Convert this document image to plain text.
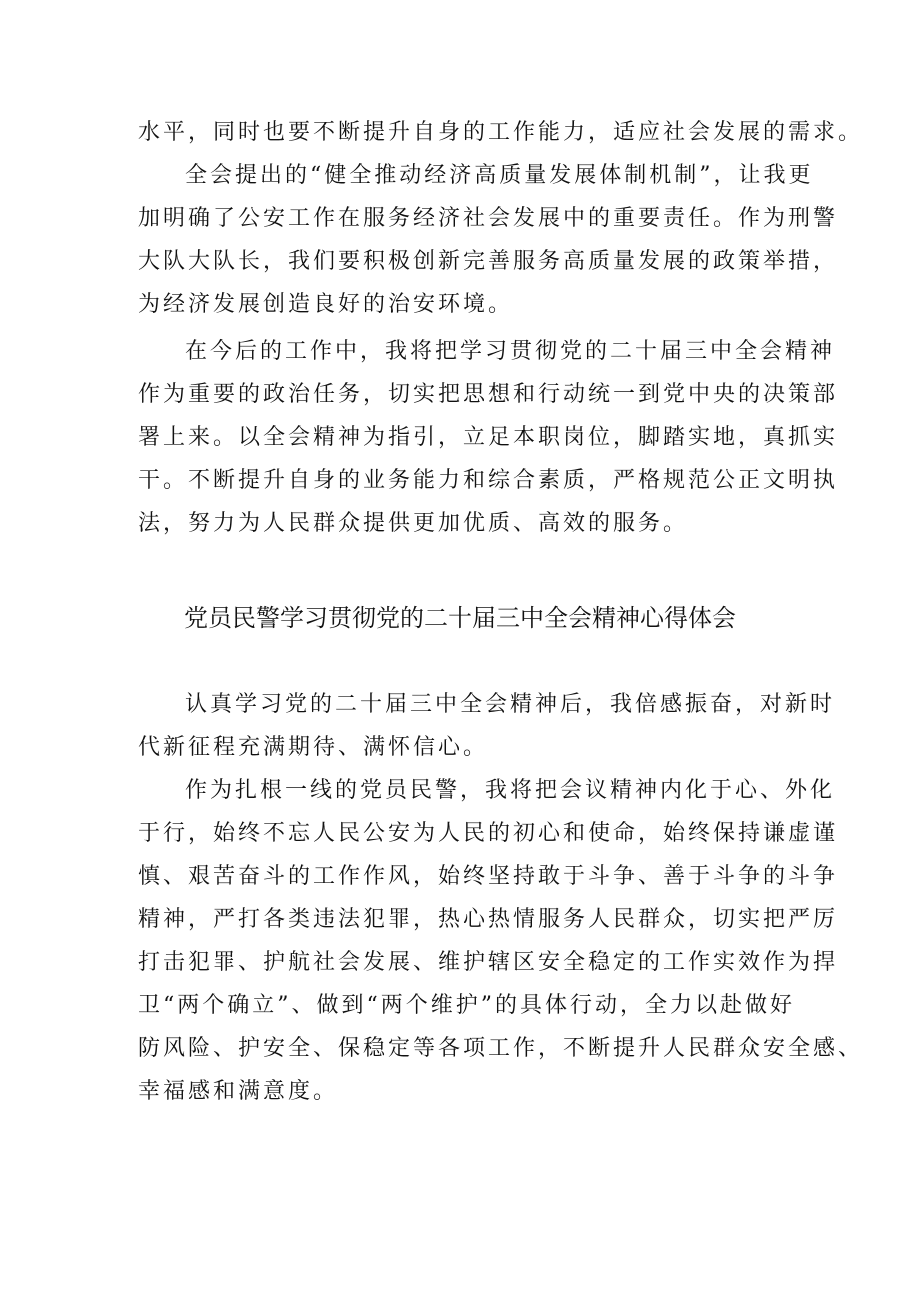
水平，同时也要不断提升自身的工作能力，适应社会发展的需求。
全会提出的“健全推动经济高质量发展体制机制”，让我更
加明确了公安工作在服务经济社会发展中的重要责任。作为刑警
大队大队长，我们要积极创新完善服务高质量发展的政策举措，
为经济发展创造良好的治安环境。
在今后的工作中，我将把学习贯彻党的二十届三中全会精神
作为重要的政治任务，切实把思想和行动统一到党中央的决策部
署上来。以全会精神为指引，立足本职岗位，脚踏实地，真抓实
干。不断提升自身的业务能力和综合素质，严格规范公正文明执
法，努力为人民群众提供更加优质、高效的服务。
党员民警学习贯彻党的二十届三中全会精神心得体会
认真学习党的二十届三中全会精神后，我倍感振奋，对新时
代新征程充满期待、满怀信心。
作为扎根一线的党员民警，我将把会议精神内化于心、外化
于行，始终不忘人民公安为人民的初心和使命，始终保持谦虚谨
慎、艰苦奋斗的工作作风，始终坚持敢于斗争、善于斗争的斗争
精神，严打各类违法犯罪，热心热情服务人民群众，切实把严厉
打击犯罪、护航社会发展、维护辖区安全稳定的工作实效作为捍
卫“两个确立”、做到“两个维护”的具体行动，全力以赴做好
防风险、护安全、保稳定等各项工作，不断提升人民群众安全感、
幸福感和满意度。
